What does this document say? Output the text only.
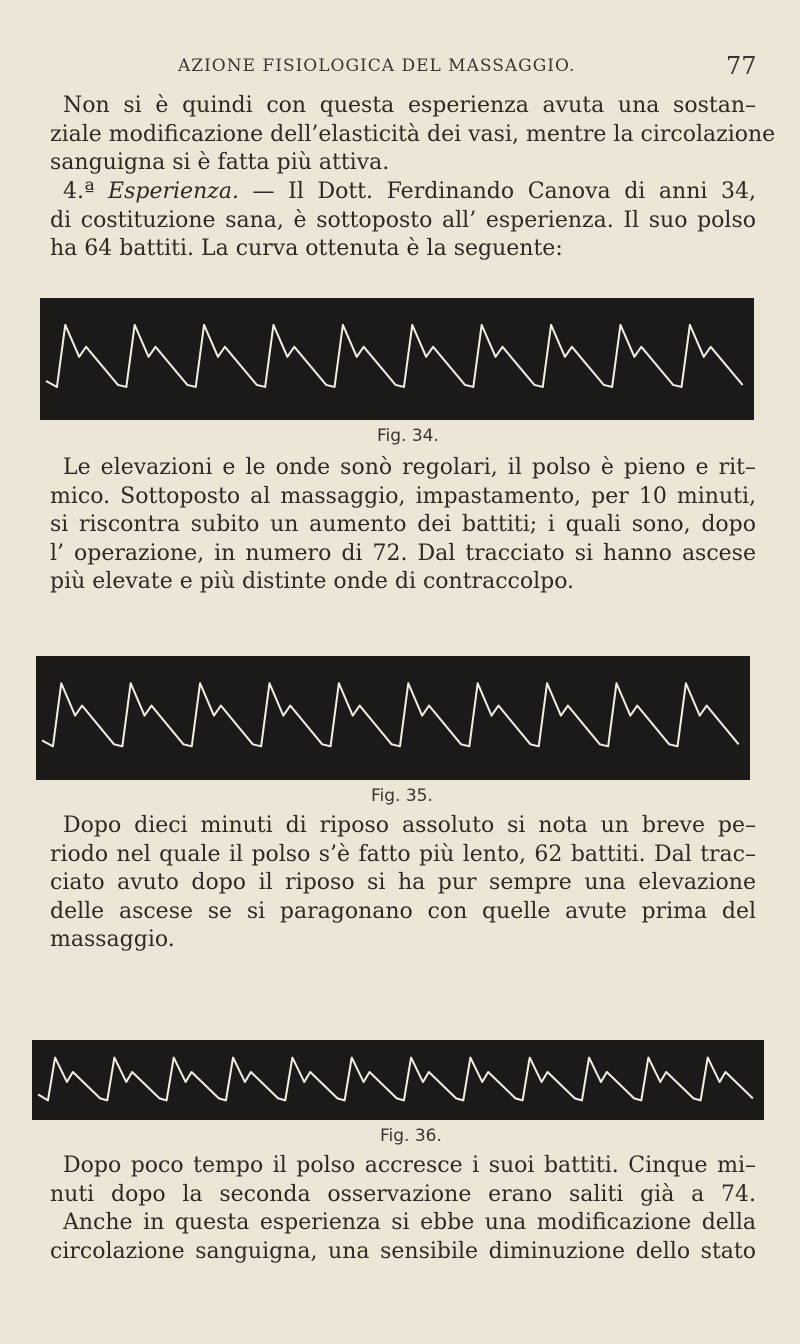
AZIONE FISIOLOGICA DEL MASSAGGIO.	77

Non si è quindi con questa esperienza avuta una sostan–
ziale modificazione dell’elasticità dei vasi, mentre la circolazione
sanguigna si è fatta più attiva.

4.ª Esperienza. — Il Dott. Ferdinando Canova di anni 34,
di costituzione sana, è sottoposto all’ esperienza. Il suo polso
ha 64 battiti. La curva ottenuta è la seguente:

Fig. 34.

Le elevazioni e le onde sonò regolari, il polso è pieno e rit–
mico. Sottoposto al massaggio, impastamento, per 10 minuti,
si riscontra subito un aumento dei battiti; i quali sono, dopo
l’ operazione, in numero di 72. Dal tracciato si hanno ascese
più elevate e più distinte onde di contraccolpo.

Fig. 35.

Dopo dieci minuti di riposo assoluto si nota un breve pe–
riodo nel quale il polso s’è fatto più lento, 62 battiti. Dal trac–
ciato avuto dopo il riposo si ha pur sempre una elevazione
delle ascese se si paragonano con quelle avute prima del
massaggio.

Fig. 36.

Dopo poco tempo il polso accresce i suoi battiti. Cinque mi–
nuti dopo la seconda osservazione erano saliti già a 74.
Anche in questa esperienza si ebbe una modificazione della
circolazione sanguigna, una sensibile diminuzione dello stato
